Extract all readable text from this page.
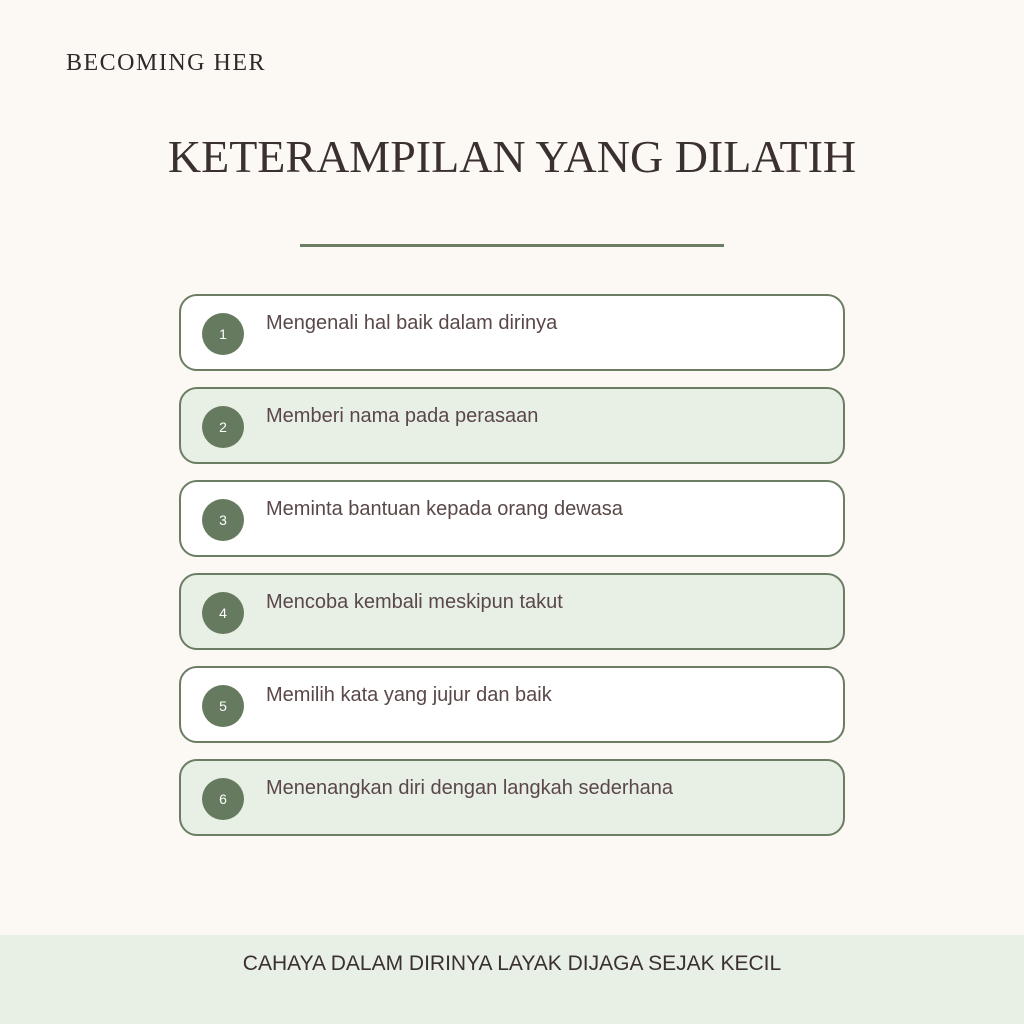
BECOMING HER
KETERAMPILAN YANG DILATIH
1	Mengenali hal baik dalam dirinya
2	Memberi nama pada perasaan
3	Meminta bantuan kepada orang dewasa
4	Mencoba kembali meskipun takut
5	Memilih kata yang jujur dan baik
6	Menenangkan diri dengan langkah sederhana
CAHAYA DALAM DIRINYA LAYAK DIJAGA SEJAK KECIL
